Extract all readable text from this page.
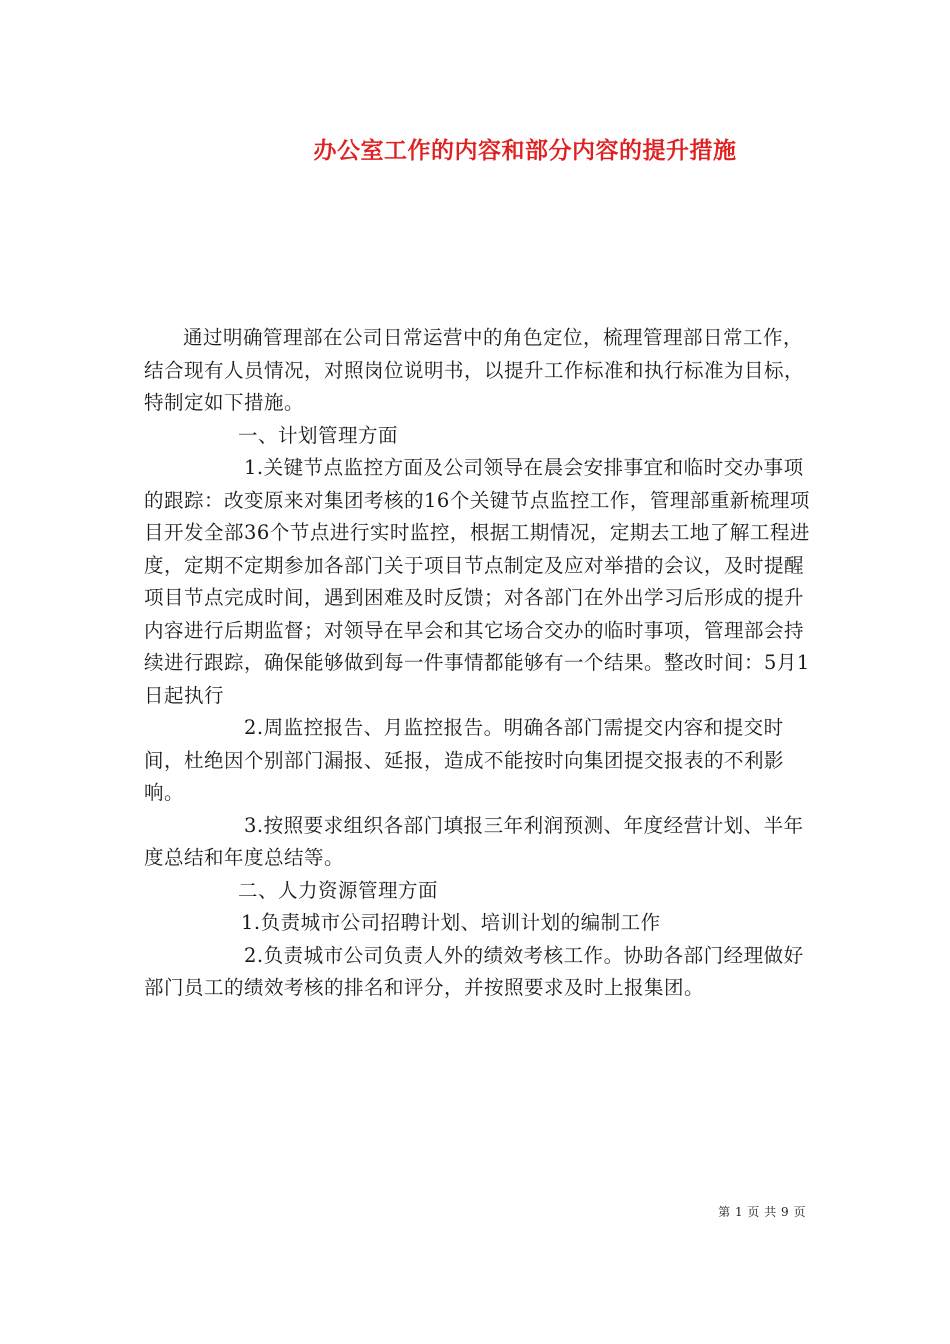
办公室工作的内容和部分内容的提升措施

通过明确管理部在公司日常运营中的角色定位，梳理管理部日常工作，结合现有人员情况，对照岗位说明书，以提升工作标准和执行标准为目标，特制定如下措施。

一、计划管理方面

1.关键节点监控方面及公司领导在晨会安排事宜和临时交办事项的跟踪：改变原来对集团考核的16个关键节点监控工作，管理部重新梳理项目开发全部36个节点进行实时监控，根据工期情况，定期去工地了解工程进度，定期不定期参加各部门关于项目节点制定及应对举措的会议，及时提醒项目节点完成时间，遇到困难及时反馈；对各部门在外出学习后形成的提升内容进行后期监督；对领导在早会和其它场合交办的临时事项，管理部会持续进行跟踪，确保能够做到每一件事情都能够有一个结果。整改时间：5月1日起执行

2.周监控报告、月监控报告。明确各部门需提交内容和提交时间，杜绝因个别部门漏报、延报，造成不能按时向集团提交报表的不利影响。

3.按照要求组织各部门填报三年利润预测、年度经营计划、半年度总结和年度总结等。

二、人力资源管理方面

1.负责城市公司招聘计划、培训计划的编制工作

2.负责城市公司负责人外的绩效考核工作。协助各部门经理做好部门员工的绩效考核的排名和评分，并按照要求及时上报集团。

第 1 页 共 9 页
